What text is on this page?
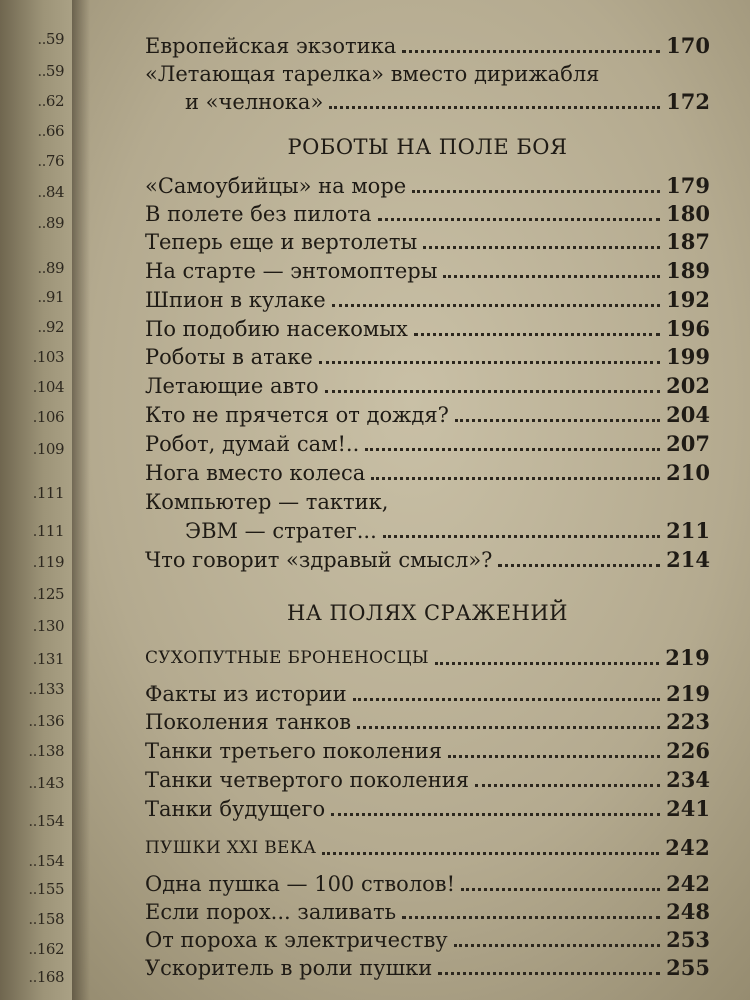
..59
..59
..62
..66
..76
..84
..89
..89
..91
..92
.103
.104
.106
.109
.111
.111
.119
.125
.130
.131
..133
..136
..138
..143
..154
..154
..155
..158
..162
..168
Европейская экзотика	170
«Летающая тарелка» вместо дирижабля
и «челнока»	172
РОБОТЫ НА ПОЛЕ БОЯ
«Самоубийцы» на море	179
В полете без пилота	180
Теперь еще и вертолеты	187
На старте — энтомоптеры	189
Шпион в кулаке	192
По подобию насекомых	196
Роботы в атаке	199
Летающие авто	202
Кто не прячется от дождя?	204
Робот, думай сам!..	207
Нога вместо колеса	210
Компьютер — тактик,
ЭВМ — стратег...	211
Что говорит «здравый смысл»?	214
НА ПОЛЯХ СРАЖЕНИЙ
СУХОПУТНЫЕ БРОНЕНОСЦЫ	219
Факты из истории	219
Поколения танков	223
Танки третьего поколения	226
Танки четвертого поколения	234
Танки будущего	241
ПУШКИ XXI ВЕКА	242
Одна пушка — 100 стволов!	242
Если порох... заливать	248
От пороха к электричеству	253
Ускоритель в роли пушки	255
